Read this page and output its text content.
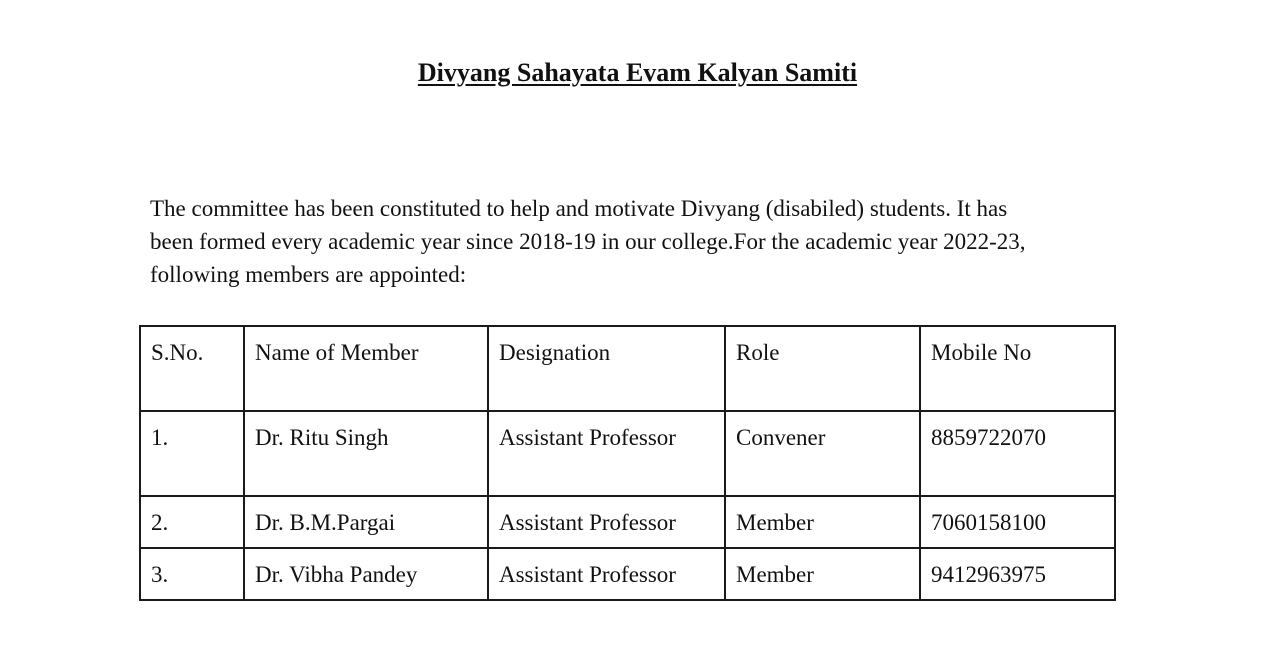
Divyang Sahayata Evam Kalyan Samiti

The committee has been constituted to help and motivate Divyang (disabiled) students. It has
been formed every academic year since 2018-19 in our college.For the academic year 2022-23,
following members are appointed:

S.No.	Name of Member	Designation	Role	Mobile No
1.	Dr. Ritu Singh	Assistant Professor	Convener	8859722070
2.	Dr. B.M.Pargai	Assistant Professor	Member	7060158100
3.	Dr. Vibha Pandey	Assistant Professor	Member	9412963975
